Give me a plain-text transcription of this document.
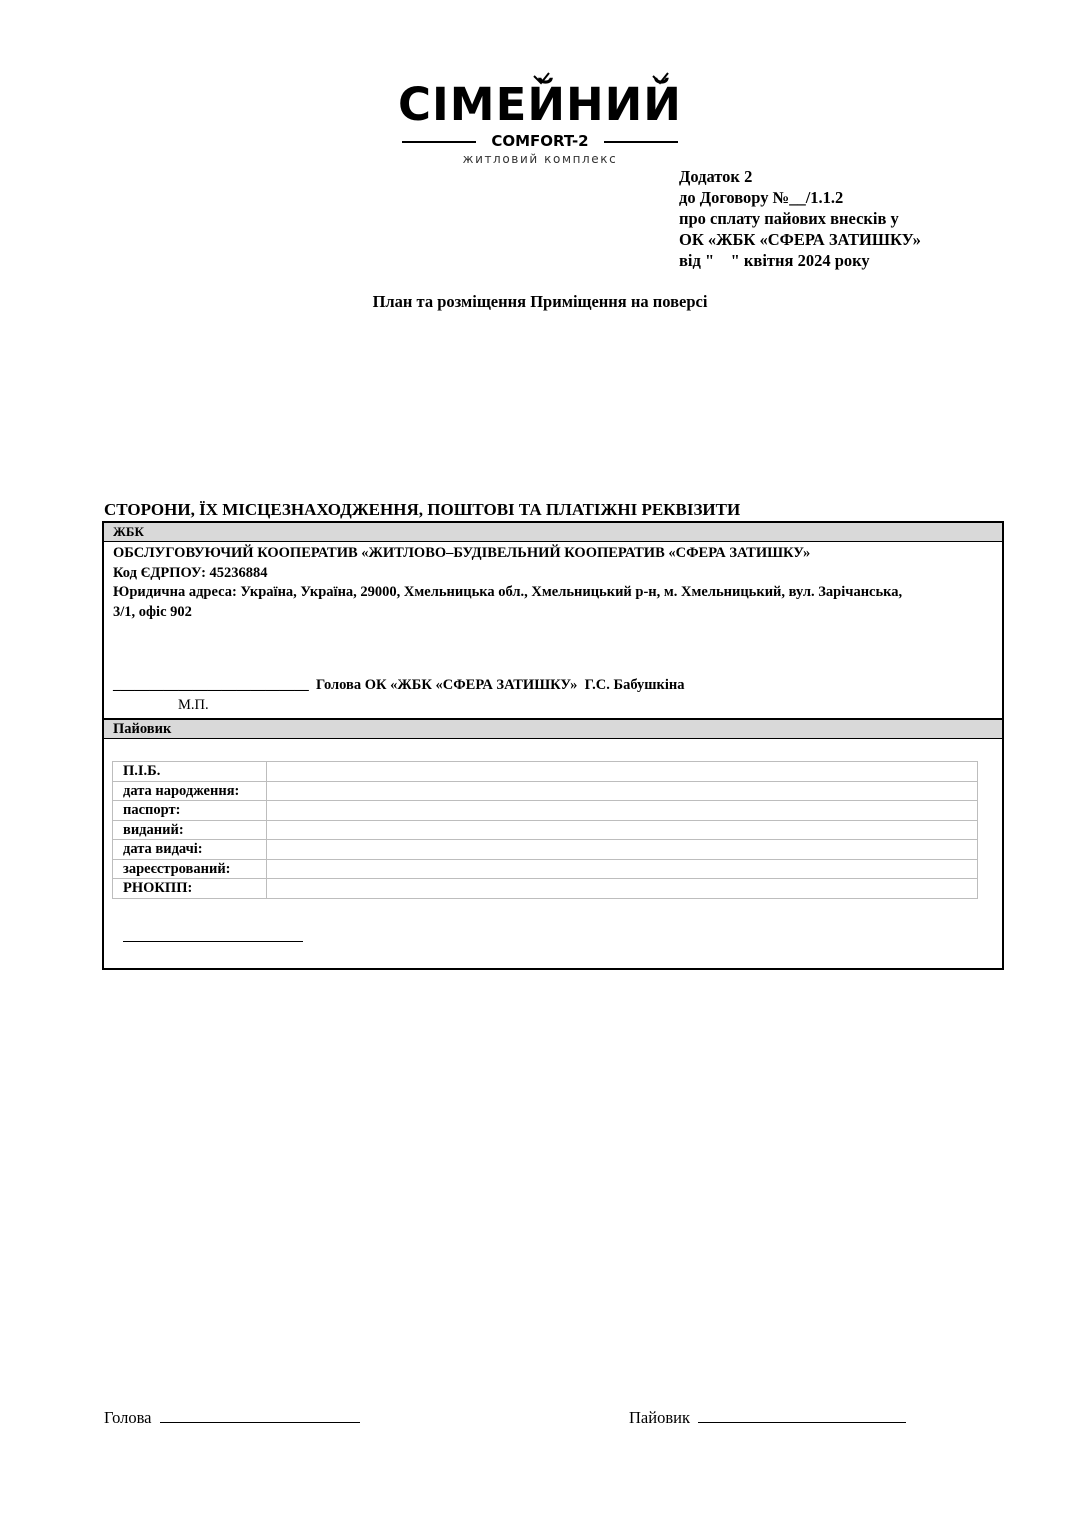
СІМЕЙНИЙ
COMFORT-2
житловий комплекс
Додаток 2
до Договору №__/1.1.2
про сплату пайових внесків у
ОК «ЖБК «СФЕРА ЗАТИШКУ»
від "    " квітня 2024 року
План та розміщення Приміщення на поверсі
СТОРОНИ, ЇХ МІСЦЕЗНАХОДЖЕННЯ, ПОШТОВІ ТА ПЛАТІЖНІ РЕКВІЗИТИ
ЖБК
ОБСЛУГОВУЮЧИЙ КООПЕРАТИВ «ЖИТЛОВО–БУДІВЕЛЬНИЙ КООПЕРАТИВ «СФЕРА ЗАТИШКУ»
Код ЄДРПОУ: 45236884
Юридична адреса: Україна, Україна, 29000, Хмельницька обл., Хмельницький р-н, м. Хмельницький, вул. Зарічанська,
3/1, офіс 902
___________________________  Голова ОК «ЖБК «СФЕРА ЗАТИШКУ»  Г.С. Бабушкіна
М.П.
Пайовик
П.І.Б.	
дата народження:	
паспорт:	
виданий:	
дата видачі:	
зареєстрований:	
РНОКПП:	
Голова	Пайовик
